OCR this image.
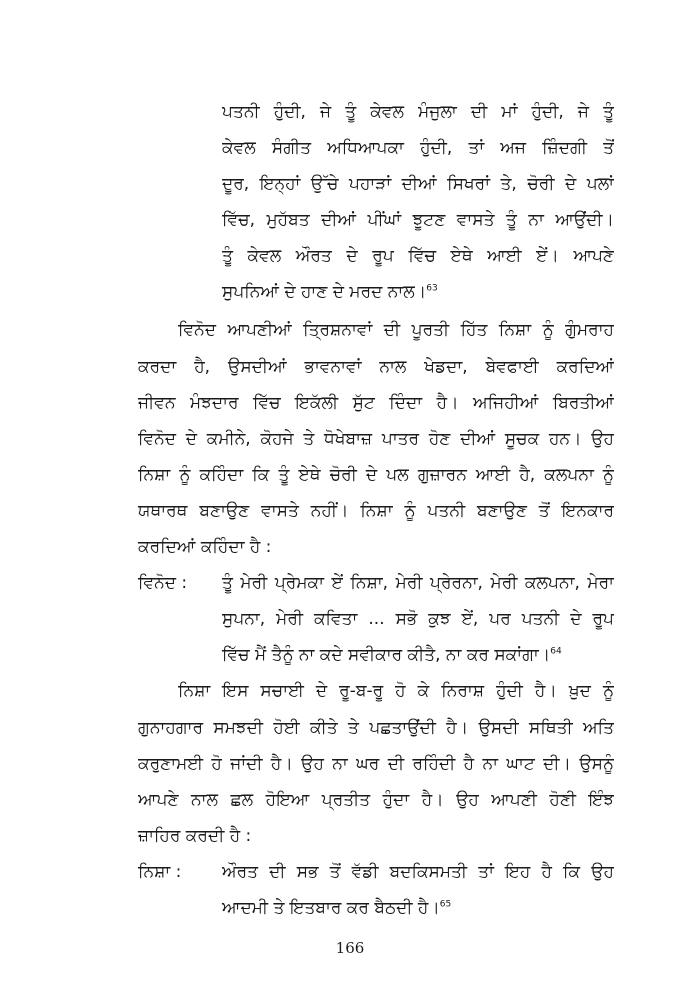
ਪਤਨੀ ਹੁੰਦੀ, ਜੇ ਤੂੰ ਕੇਵਲ ਮੰਜੁਲਾ ਦੀ ਮਾਂ ਹੁੰਦੀ, ਜੇ ਤੂੰ
ਕੇਵਲ ਸੰਗੀਤ ਅਧਿਆਪਕਾ ਹੁੰਦੀ, ਤਾਂ ਅਜ ਜ਼ਿੰਦਗੀ ਤੋਂ
ਦੂਰ, ਇਨ੍ਹਾਂ ਉੱਚੇ ਪਹਾੜਾਂ ਦੀਆਂ ਸਿਖਰਾਂ ਤੇ, ਚੋਰੀ ਦੇ ਪਲਾਂ
ਵਿੱਚ, ਮੁਹੱਬਤ ਦੀਆਂ ਪੀਂਘਾਂ ਝੂਟਣ ਵਾਸਤੇ ਤੂੰ ਨਾ ਆਉਂਦੀ।
ਤੂੰ ਕੇਵਲ ਔਰਤ ਦੇ ਰੂਪ ਵਿੱਚ ਏਥੇ ਆਈ ਏਂ। ਆਪਣੇ
ਸੁਪਨਿਆਂ ਦੇ ਹਾਣ ਦੇ ਮਰਦ ਨਾਲ।$^{63}$
ਵਿਨੋਦ ਆਪਣੀਆਂ ਤ੍ਰਿਸ਼ਨਾਵਾਂ ਦੀ ਪੂਰਤੀ ਹਿੱਤ ਨਿਸ਼ਾ ਨੂੰ ਗੁੰਮਰਾਹ
ਕਰਦਾ ਹੈ, ਉਸਦੀਆਂ ਭਾਵਨਾਵਾਂ ਨਾਲ ਖੇਡਦਾ, ਬੇਵਫਾਈ ਕਰਦਿਆਂ
ਜੀਵਨ ਮੰਝਦਾਰ ਵਿੱਚ ਇਕੱਲੀ ਸੁੱਟ ਦਿੰਦਾ ਹੈ। ਅਜਿਹੀਆਂ ਬਿਰਤੀਆਂ
ਵਿਨੋਦ ਦੇ ਕਮੀਨੇ, ਕੋਹਜੇ ਤੇ ਧੋਖੇਬਾਜ਼ ਪਾਤਰ ਹੋਣ ਦੀਆਂ ਸੂਚਕ ਹਨ। ਉਹ
ਨਿਸ਼ਾ ਨੂੰ ਕਹਿੰਦਾ ਕਿ ਤੂੰ ਏਥੇ ਚੋਰੀ ਦੇ ਪਲ ਗੁਜ਼ਾਰਨ ਆਈ ਹੈ, ਕਲਪਨਾ ਨੂੰ
ਯਥਾਰਥ ਬਣਾਉਣ ਵਾਸਤੇ ਨਹੀਂ। ਨਿਸ਼ਾ ਨੂੰ ਪਤਨੀ ਬਣਾਉਣ ਤੋਂ ਇਨਕਾਰ
ਕਰਦਿਆਂ ਕਹਿੰਦਾ ਹੈ :
ਵਿਨੋਦ : ਤੂੰ ਮੇਰੀ ਪ੍ਰੇਮਕਾ ਏਂ ਨਿਸ਼ਾ, ਮੇਰੀ ਪ੍ਰੇਰਨਾ, ਮੇਰੀ ਕਲਪਨਾ, ਮੇਰਾ
ਸੁਪਨਾ, ਮੇਰੀ ਕਵਿਤਾ ... ਸਭੋ ਕੁਝ ਏਂ, ਪਰ ਪਤਨੀ ਦੇ ਰੂਪ
ਵਿੱਚ ਮੈਂ ਤੈਨੂੰ ਨਾ ਕਦੇ ਸਵੀਕਾਰ ਕੀਤੈ, ਨਾ ਕਰ ਸਕਾਂਗਾ।$^{64}$
ਨਿਸ਼ਾ ਇਸ ਸਚਾਈ ਦੇ ਰੂ-ਬ-ਰੂ ਹੋ ਕੇ ਨਿਰਾਸ਼ ਹੁੰਦੀ ਹੈ। ਖ਼ੁਦ ਨੂੰ
ਗੁਨਾਹਗਾਰ ਸਮਝਦੀ ਹੋਈ ਕੀਤੇ ਤੇ ਪਛਤਾਉਂਦੀ ਹੈ। ਉਸਦੀ ਸਥਿਤੀ ਅਤਿ
ਕਰੁਣਾਮਈ ਹੋ ਜਾਂਦੀ ਹੈ। ਉਹ ਨਾ ਘਰ ਦੀ ਰਹਿੰਦੀ ਹੈ ਨਾ ਘਾਟ ਦੀ। ਉਸਨੂੰ
ਆਪਣੇ ਨਾਲ ਛਲ ਹੋਇਆ ਪ੍ਰਤੀਤ ਹੁੰਦਾ ਹੈ। ਉਹ ਆਪਣੀ ਹੋਣੀ ਇੰਝ
ਜ਼ਾਹਿਰ ਕਰਦੀ ਹੈ :
ਨਿਸ਼ਾ : ਔਰਤ ਦੀ ਸਭ ਤੋਂ ਵੱਡੀ ਬਦਕਿਸਮਤੀ ਤਾਂ ਇਹ ਹੈ ਕਿ ਉਹ
ਆਦਮੀ ਤੇ ਇਤਬਾਰ ਕਰ ਬੈਠਦੀ ਹੈ।$^{65}$
166
